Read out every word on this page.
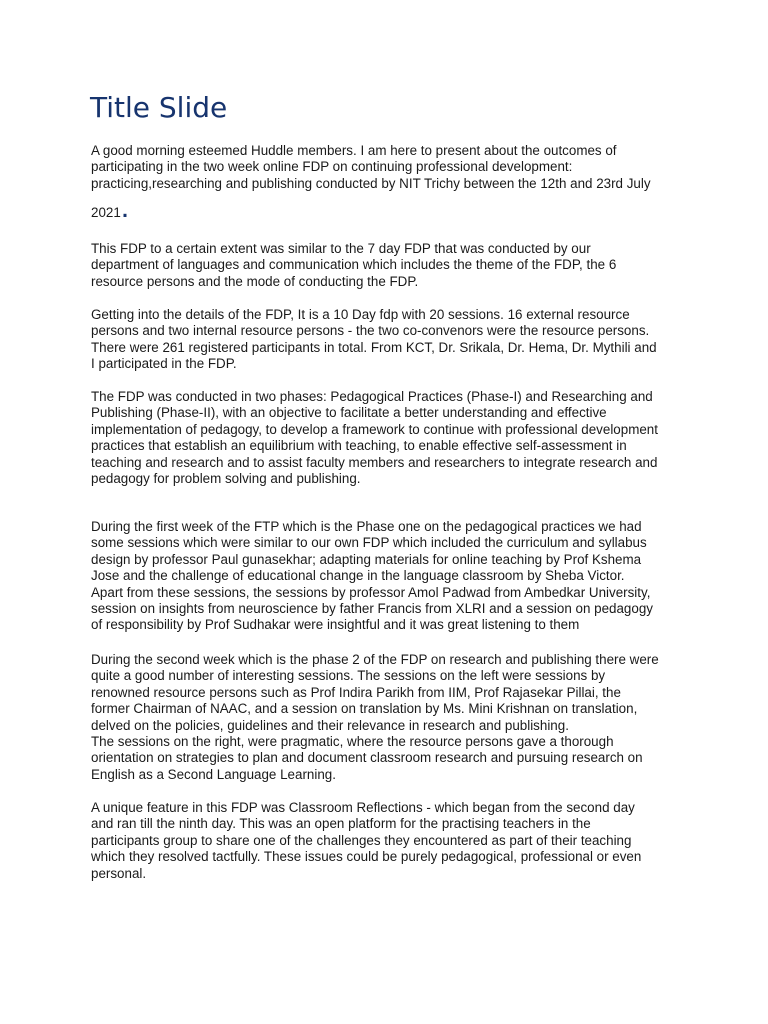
Title Slide

A good morning esteemed Huddle members. I am here to present about the outcomes of
participating in the two week online FDP on continuing professional development:
practicing,researching and publishing conducted by NIT Trichy between the 12th and 23rd July

2021.

This FDP to a certain extent was similar to the 7 day FDP that was conducted by our
department of languages and communication which includes the theme of the FDP, the 6
resource persons and the mode of conducting the FDP.

Getting into the details of the FDP, It is a 10 Day fdp with 20 sessions. 16 external resource
persons and two internal resource persons - the two co-convenors were the resource persons.
There were 261 registered participants in total. From KCT, Dr. Srikala, Dr. Hema, Dr. Mythili and
I participated in the FDP.

The FDP was conducted in two phases: Pedagogical Practices (Phase-I) and Researching and
Publishing (Phase-II), with an objective to facilitate a better understanding and effective
implementation of pedagogy, to develop a framework to continue with professional development
practices that establish an equilibrium with teaching, to enable effective self-assessment in
teaching and research and to assist faculty members and researchers to integrate research and
pedagogy for problem solving and publishing.

During the first week of the FTP which is the Phase one on the pedagogical practices we had
some sessions which were similar to our own FDP which included the curriculum and syllabus
design by professor Paul gunasekhar; adapting materials for online teaching by Prof Kshema
Jose and the challenge of educational change in the language classroom by Sheba Victor.
Apart from these sessions, the sessions by professor Amol Padwad from Ambedkar University,
session on insights from neuroscience by father Francis from XLRI and a session on pedagogy
of responsibility by Prof Sudhakar were insightful and it was great listening to them

During the second week which is the phase 2 of the FDP on research and publishing there were
quite a good number of interesting sessions. The sessions on the left were sessions by
renowned resource persons such as Prof Indira Parikh from IIM, Prof Rajasekar Pillai, the
former Chairman of NAAC, and a session on translation by Ms. Mini Krishnan on translation,
delved on the policies, guidelines and their relevance in research and publishing.
The sessions on the right, were pragmatic, where the resource persons gave a thorough
orientation on strategies to plan and document classroom research and pursuing research on
English as a Second Language Learning.

A unique feature in this FDP was Classroom Reflections - which began from the second day
and ran till the ninth day. This was an open platform for the practising teachers in the
participants group to share one of the challenges they encountered as part of their teaching
which they resolved tactfully. These issues could be purely pedagogical, professional or even
personal.
